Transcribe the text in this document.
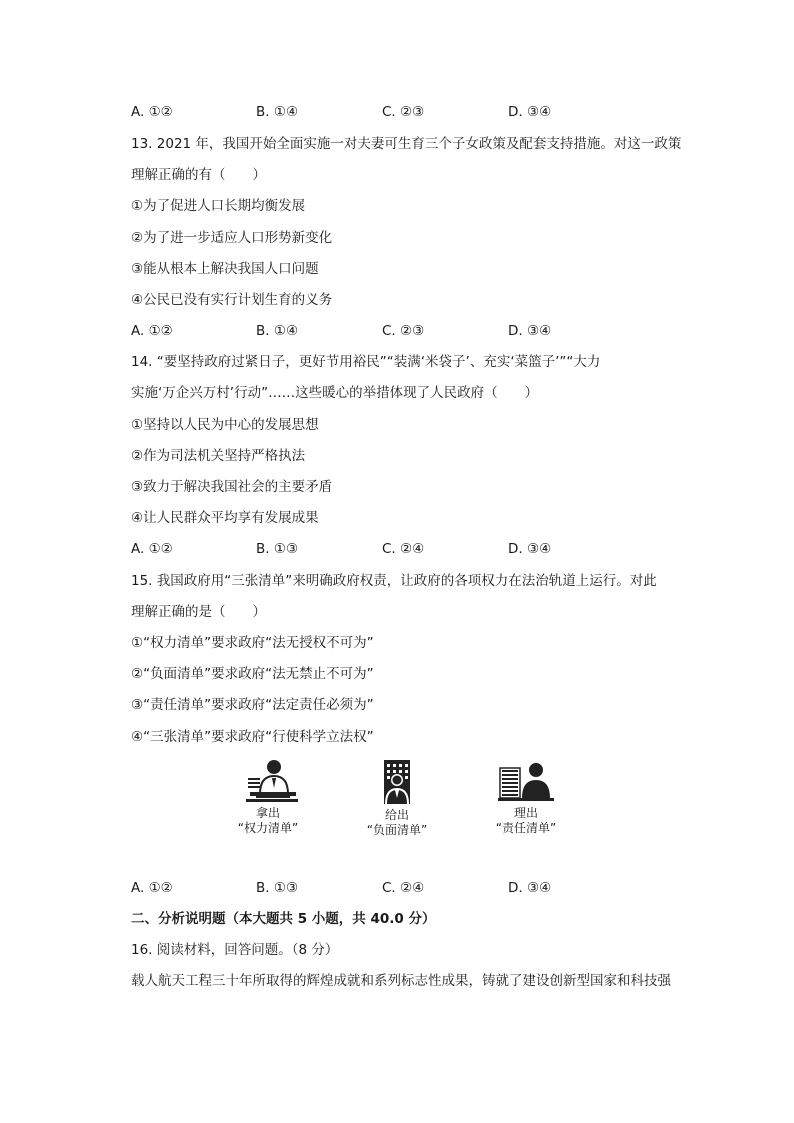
A. ①②	B. ①④	C. ②③	D. ③④
13. 2021 年，我国开始全面实施一对夫妻可生育三个子女政策及配套支持措施。对这一政策
理解正确的有（　　）
①为了促进人口长期均衡发展
②为了进一步适应人口形势新变化
③能从根本上解决我国人口问题
④公民已没有实行计划生育的义务
A. ①②	B. ①④	C. ②③	D. ③④
14. “要坚持政府过紧日子，更好节用裕民”“装满‘米袋子’、充实‘菜篮子’”“大力
实施‘万企兴万村’行动”……这些暖心的举措体现了人民政府（　　）
①坚持以人民为中心的发展思想
②作为司法机关坚持严格执法
③致力于解决我国社会的主要矛盾
④让人民群众平均享有发展成果
A. ①②	B. ①③	C. ②④	D. ③④
15. 我国政府用“三张清单”来明确政府权责，让政府的各项权力在法治轨道上运行。对此
理解正确的是（　　）
①“权力清单”要求政府“法无授权不可为”
②“负面清单”要求政府“法无禁止不可为”
③“责任清单”要求政府“法定责任必须为”
④“三张清单”要求政府“行使科学立法权”
拿出
“权力清单”
给出
“负面清单”
理出
“责任清单”
A. ①②	B. ①③	C. ②④	D. ③④
二、分析说明题（本大题共 5 小题，共 40.0 分）
16. 阅读材料，回答问题。（8 分）
载人航天工程三十年所取得的辉煌成就和系列标志性成果，铸就了建设创新型国家和科技强
